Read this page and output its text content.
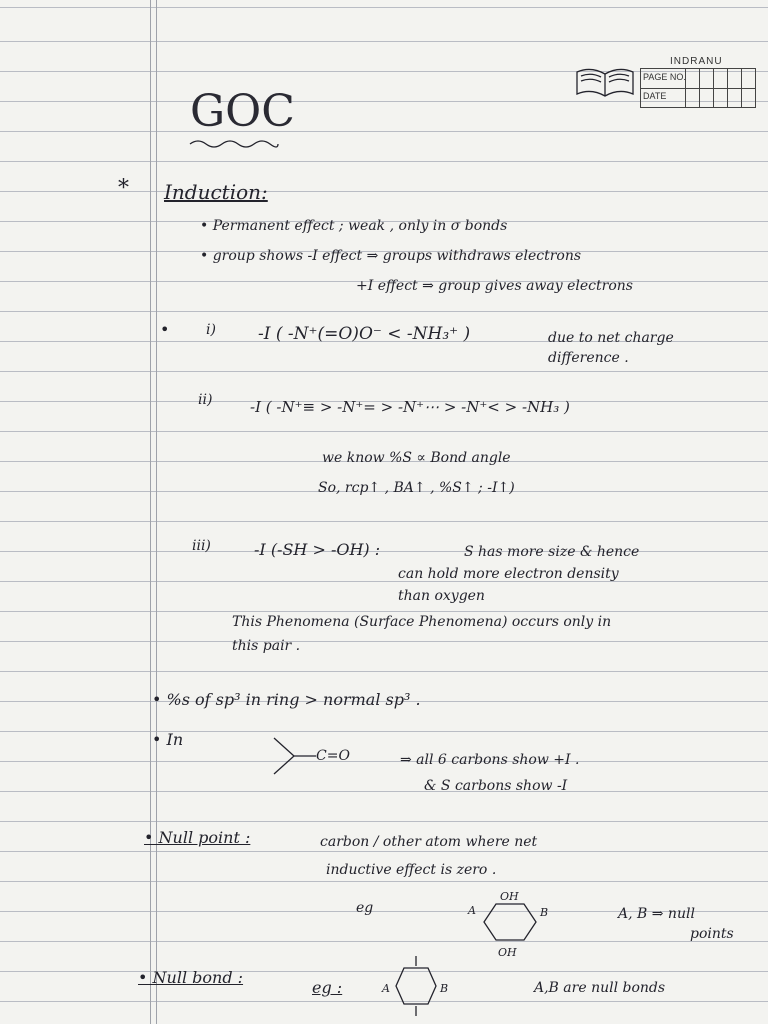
INDRANU
PAGE NO.
DATE
GOC
* Induction:
• Permanent effect ; weak , only in σ bonds
• group shows -I effect ⇒ groups withdraws electrons
+I effect ⇒ group gives away electrons
•	i) -I ( -N⁺(=O)O⁻ < -NH₃⁺ )	due to net charge
difference .
ii)	-I ( -N⁺≡ > -N⁺= > -N⁺⋯ > -N⁺< > -NH₃ )
we know %S ∝ Bond angle
So, rcp↑ , BA↑ , %S↑ ; -I↑)
iii)	-I (-SH > -OH) :	S has more size & hence
can hold more electron density
than oxygen
This Phenomena (Surface Phenomena) occurs only in
this pair .
• %s of sp³ in ring > normal sp³ .
• In
C=O	⇒ all 6 carbons show +I .
& S carbons show -I
• Null point :	carbon / other atom where net
inductive effect is zero .
eg
OH
OH
A	B	A, B ⇒ null
points
• Null bond :
eg :	A	B	A,B are null bonds
